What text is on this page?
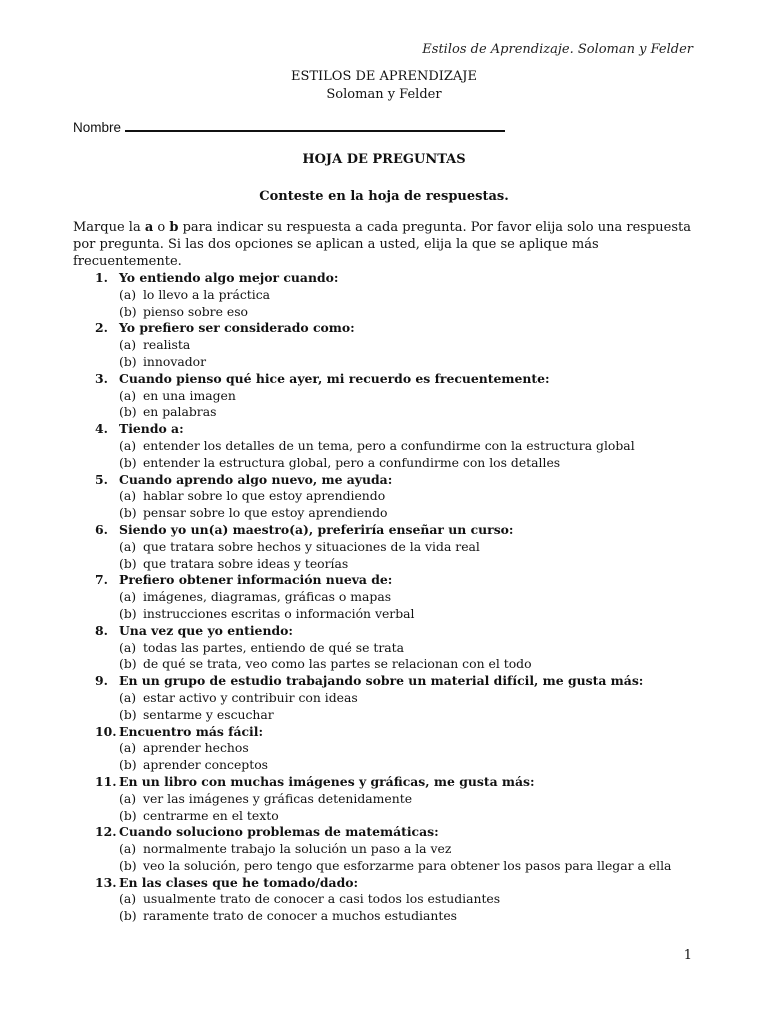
Estilos de Aprendizaje. Soloman y Felder
ESTILOS DE APRENDIZAJE
Soloman y Felder
Nombre
HOJA DE PREGUNTAS
Conteste en la hoja de respuestas.
Marque la a o b para indicar su respuesta a cada pregunta. Por favor elija solo una respuesta por pregunta. Si las dos opciones se aplican a usted, elija la que se aplique más frecuentemente.
1. Yo entiendo algo mejor cuando:
(a) lo llevo a la práctica
(b) pienso sobre eso
2. Yo prefiero ser considerado como:
(a) realista
(b) innovador
3. Cuando pienso qué hice ayer, mi recuerdo es frecuentemente:
(a) en una imagen
(b) en palabras
4. Tiendo a:
(a) entender los detalles de un tema, pero a confundirme con la estructura global
(b) entender la estructura global, pero a confundirme con los detalles
5. Cuando aprendo algo nuevo, me ayuda:
(a) hablar sobre lo que estoy aprendiendo
(b) pensar sobre lo que estoy aprendiendo
6. Siendo yo un(a) maestro(a), preferiría enseñar un curso:
(a) que tratara sobre hechos y situaciones de la vida real
(b) que tratara sobre ideas y teorías
7. Prefiero obtener información nueva de:
(a) imágenes, diagramas, gráficas o mapas
(b) instrucciones escritas o información verbal
8. Una vez que yo entiendo:
(a) todas las partes, entiendo de qué se trata
(b) de qué se trata, veo como las partes se relacionan con el todo
9. En un grupo de estudio trabajando sobre un material difícil, me gusta más:
(a) estar activo y contribuir con ideas
(b) sentarme y escuchar
10. Encuentro más fácil:
(a) aprender hechos
(b) aprender conceptos
11. En un libro con muchas imágenes y gráficas, me gusta más:
(a) ver las imágenes y gráficas detenidamente
(b) centrarme en el texto
12. Cuando soluciono problemas de matemáticas:
(a) normalmente trabajo la solución un paso a la vez
(b) veo la solución, pero tengo que esforzarme para obtener los pasos para llegar a ella
13. En las clases que he tomado/dado:
(a) usualmente trato de conocer a casi todos los estudiantes
(b) raramente trato de conocer a muchos estudiantes
1
